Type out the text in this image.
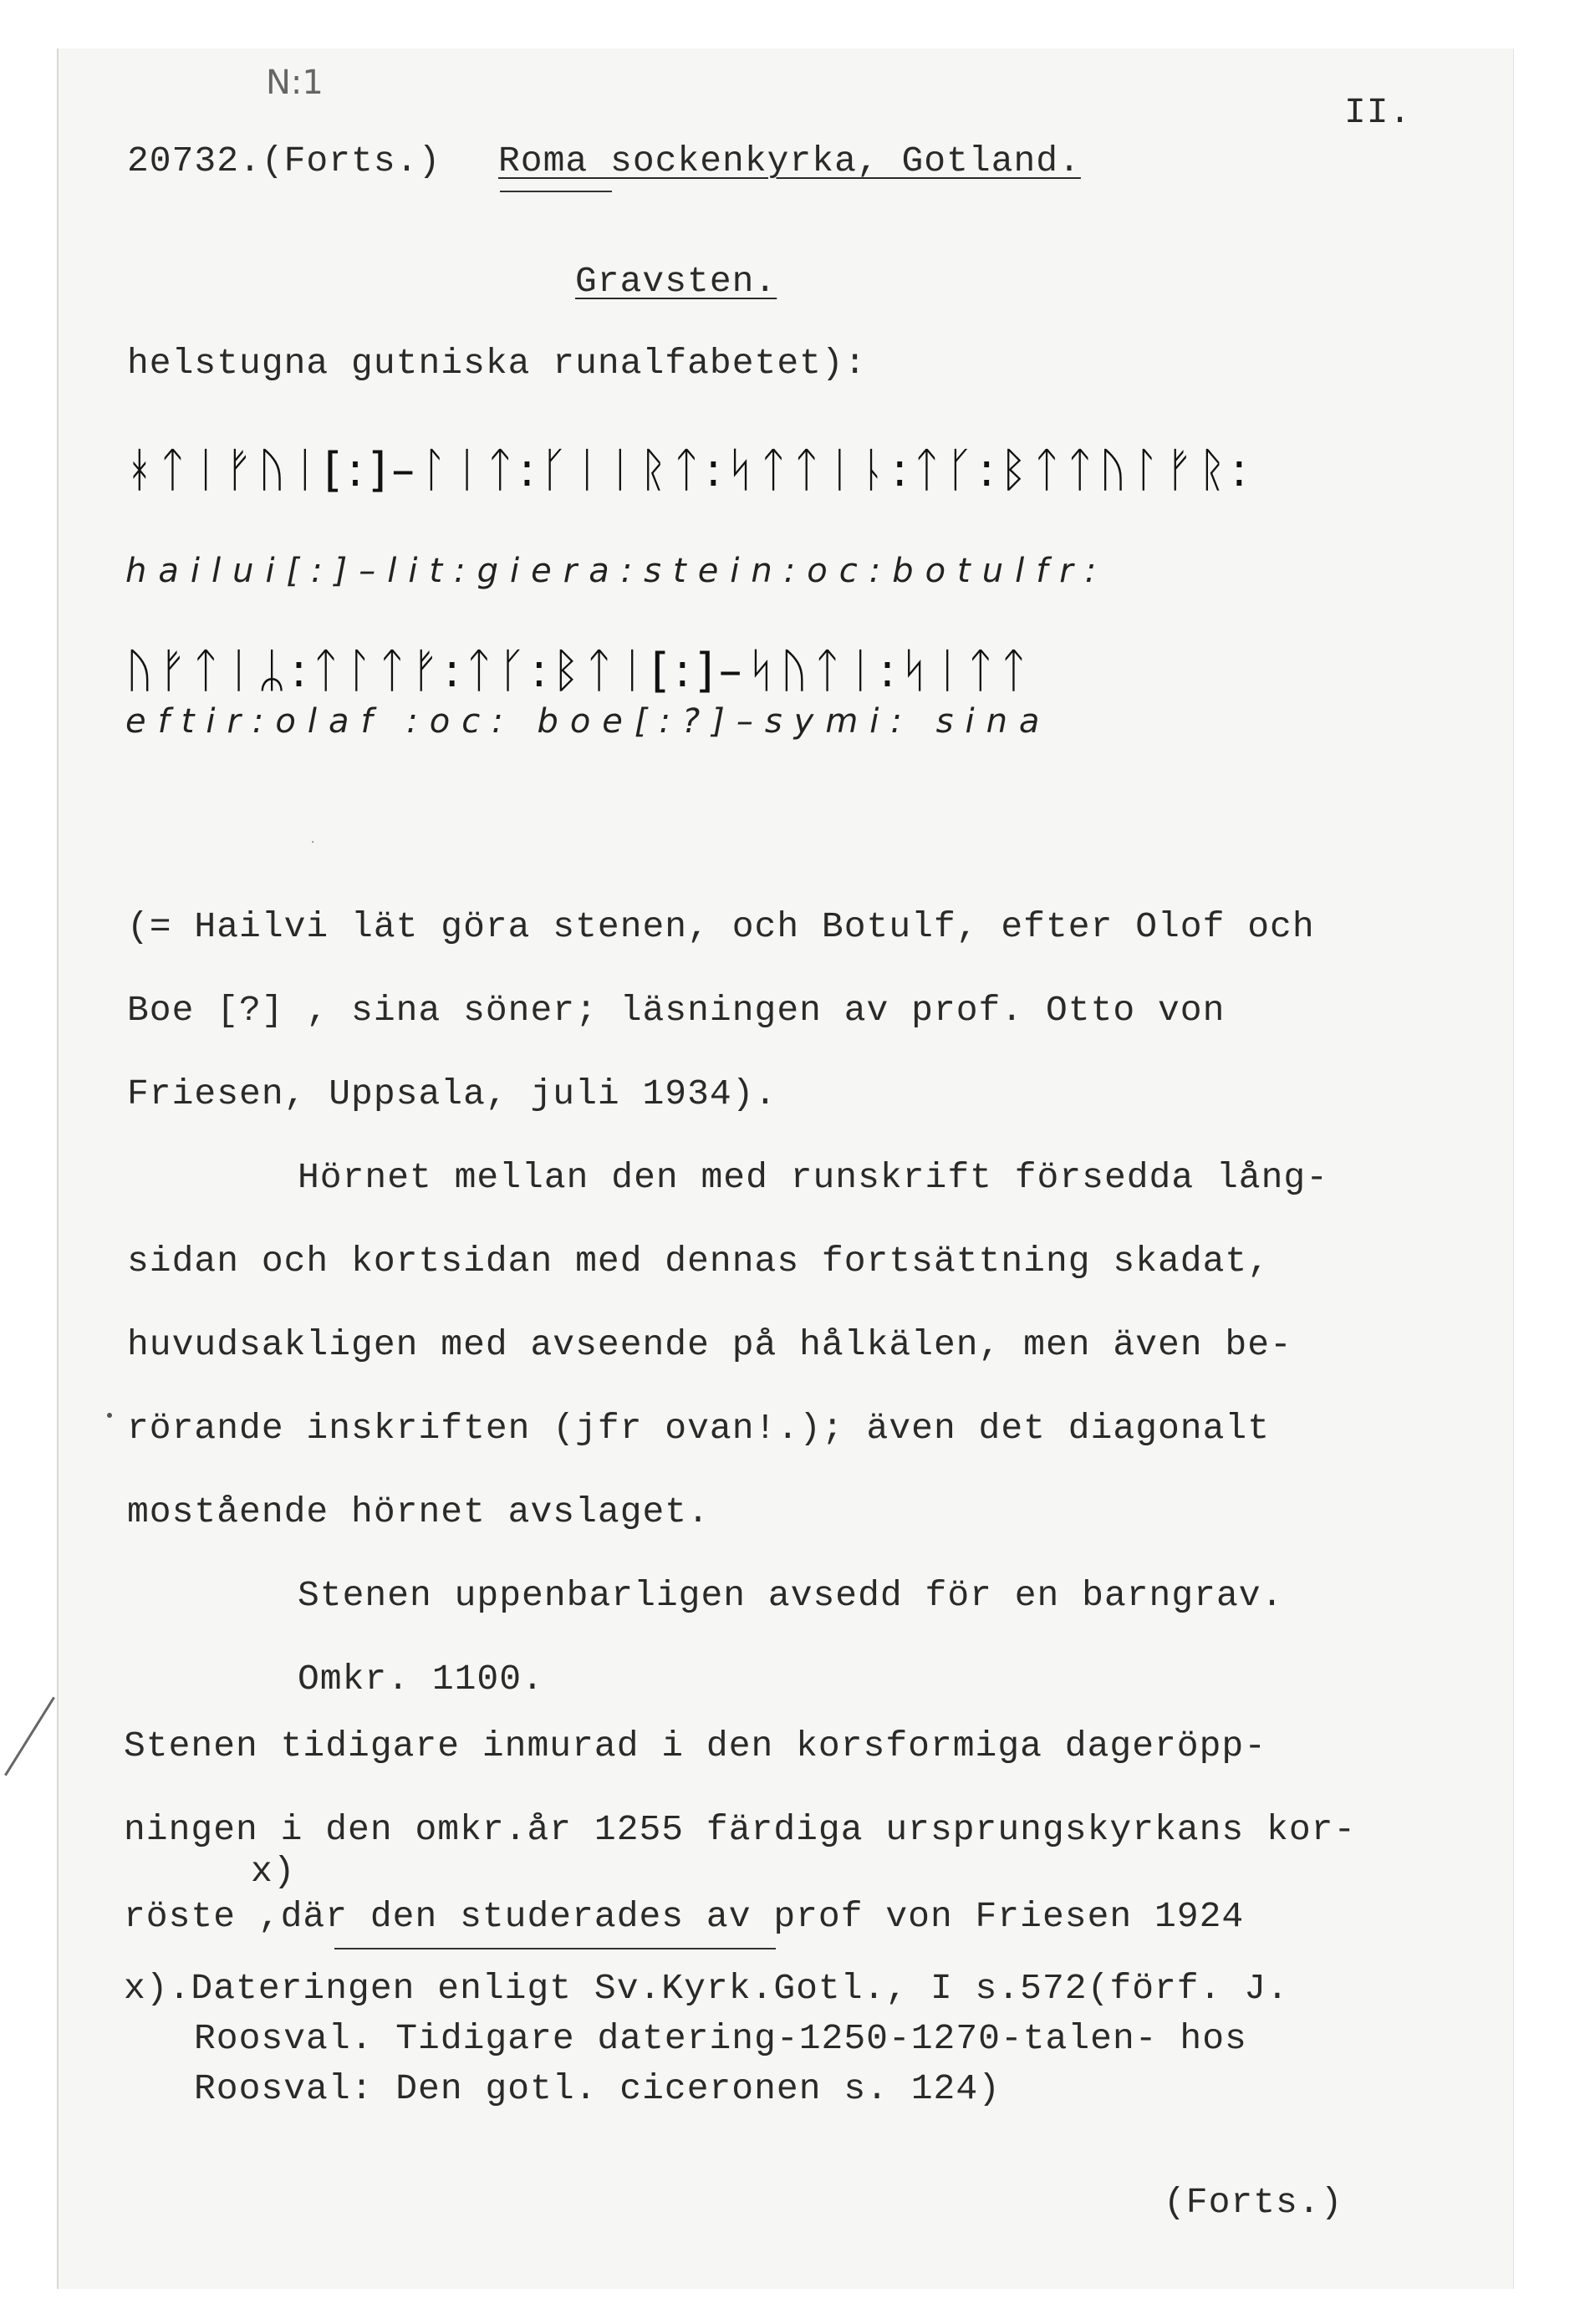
N:1
II.
20732.(Forts.) Roma sockenkyrka, Gotland.
Gravsten.
helstugna gutniska runalfabetet):
ᚼᛏᛁᚠᚢᛁ[:]–ᛚᛁᛏ:ᚴᛁᛁᚱᛏ:ᛋᛏᛏᛁᚿ:ᛏᚴ:ᛒᛏᛏᚢᛚᚠᚱ:
hailui[:]–lit:giera:stein:oc:botulfr:
ᚢᚠᛏᛁᛦ:ᛏᛚᛏᚠ:ᛏᚴ:ᛒᛏᛁ[:]–ᛋᚢᛏᛁ:ᛋᛁᛏᛏ
eftir:olaf :oc: boe[:?]–symi: sina
·
(= Hailvi lät göra stenen, och Botulf, efter Olof och
Boe [?] , sina söner; läsningen av prof. Otto von
Friesen, Uppsala, juli 1934).
Hörnet mellan den med runskrift försedda lång-
sidan och kortsidan med dennas fortsättning skadat,
huvudsakligen med avseende på hålkälen, men även be-
rörande inskriften (jfr ovan!.); även det diagonalt
mostående hörnet avslaget.
Stenen uppenbarligen avsedd för en barngrav.
Omkr. 1100.
Stenen tidigare inmurad i den korsformiga dageröpp-
ningen i den omkr.år 1255 färdiga ursprungskyrkans kor-
x)
röste ,där den studerades av prof von Friesen 1924
x).Dateringen enligt Sv.Kyrk.Gotl., I s.572(förf. J.
Roosval. Tidigare datering-1250-1270-talen- hos
Roosval: Den gotl. ciceronen s. 124)
(Forts.)
